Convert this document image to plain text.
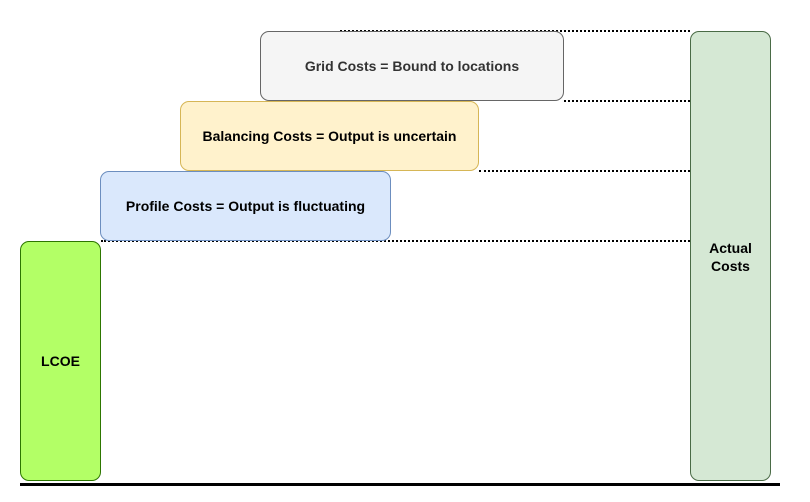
LCOE
Profile Costs = Output is fluctuating
Balancing Costs = Output is uncertain
Grid Costs = Bound to locations
Actual
Costs
